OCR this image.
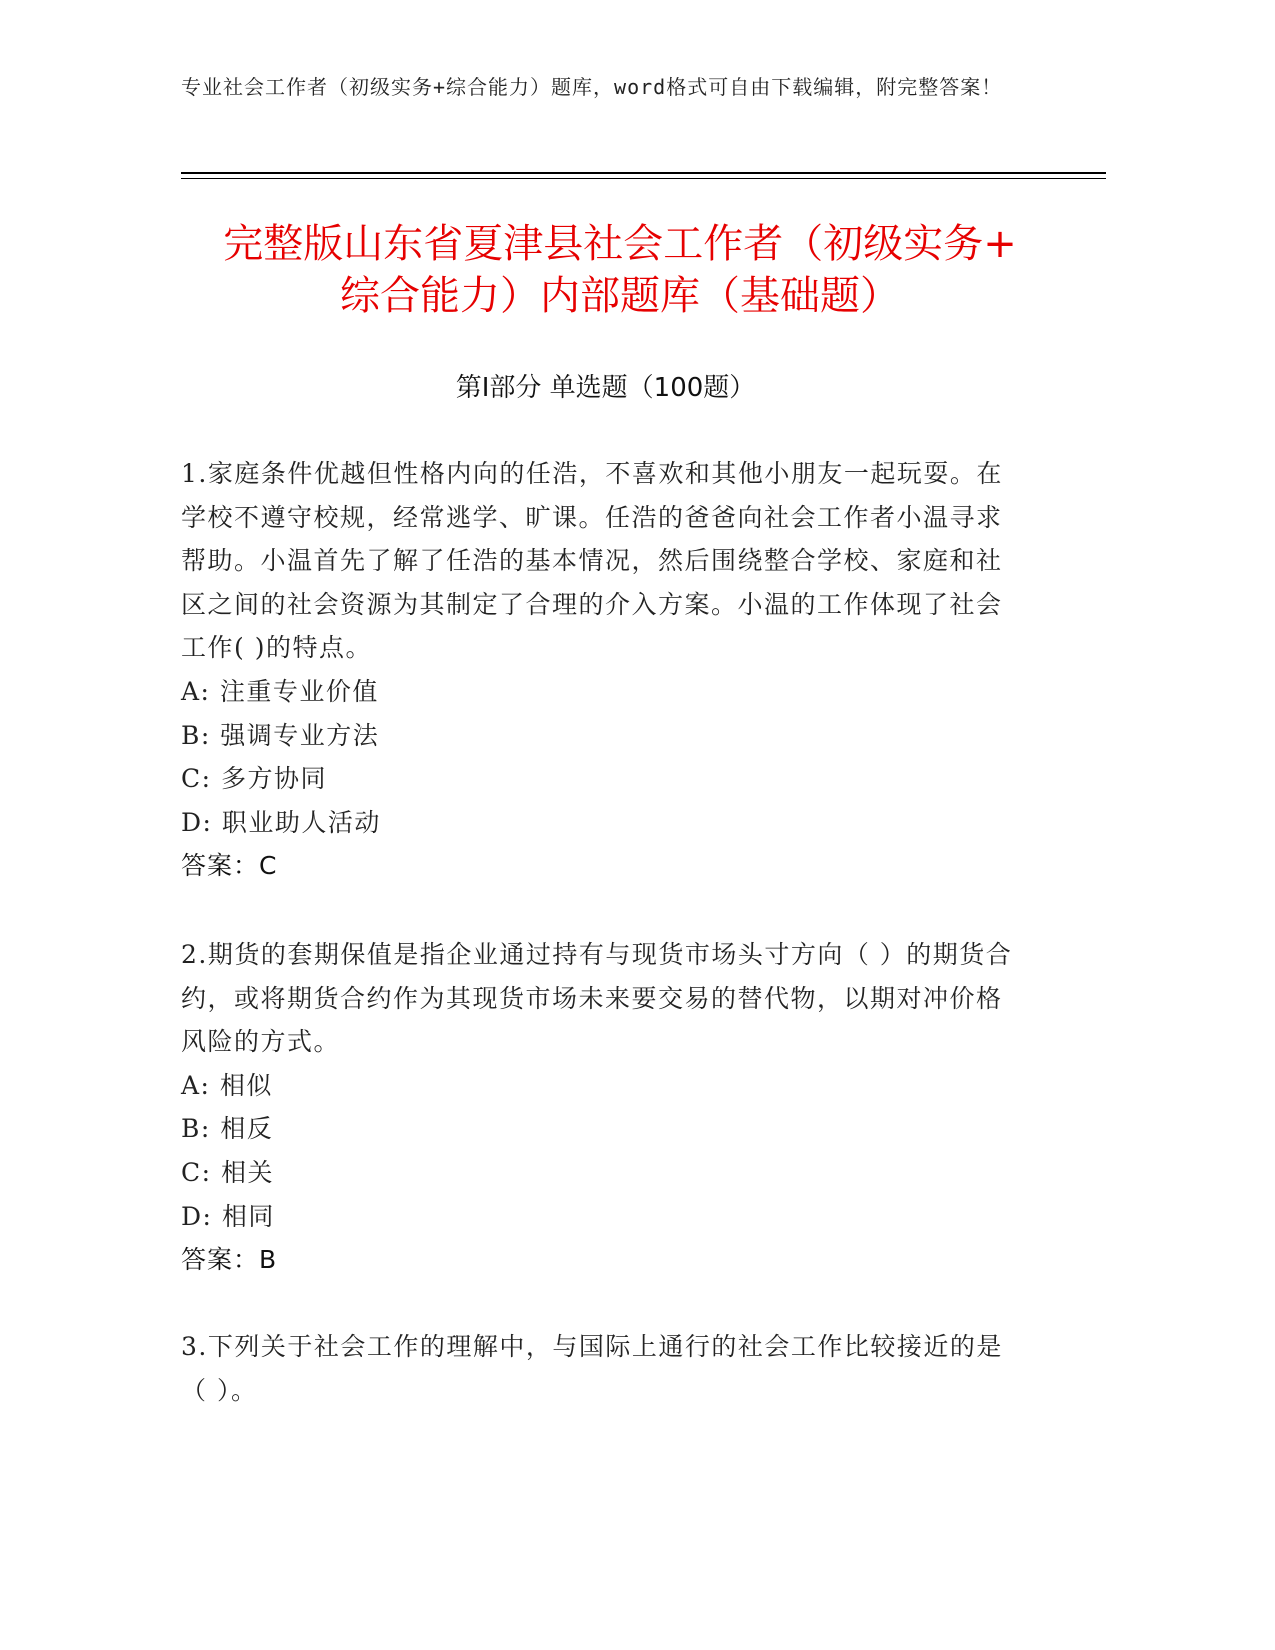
专业社会工作者（初级实务+综合能力）题库，word格式可自由下载编辑，附完整答案！
完整版山东省夏津县社会工作者（初级实务+
综合能力）内部题库（基础题）
第Ⅰ部分 单选题（100题）

1.家庭条件优越但性格内向的任浩，不喜欢和其他小朋友一起玩耍。在学校不遵守校规，经常逃学、旷课。任浩的爸爸向社会工作者小温寻求帮助。小温首先了解了任浩的基本情况，然后围绕整合学校、家庭和社区之间的社会资源为其制定了合理的介入方案。小温的工作体现了社会工作( )的特点。

A: 注重专业价值

B: 强调专业方法

C: 多方协同

D: 职业助人活动

答案：C

2.期货的套期保值是指企业通过持有与现货市场头寸方向（ ）的期货合约，或将期货合约作为其现货市场未来要交易的替代物，以期对冲价格风险的方式。

A: 相似

B: 相反

C: 相关

D: 相同

答案：B

3.下列关于社会工作的理解中，与国际上通行的社会工作比较接近的是（ ）。
